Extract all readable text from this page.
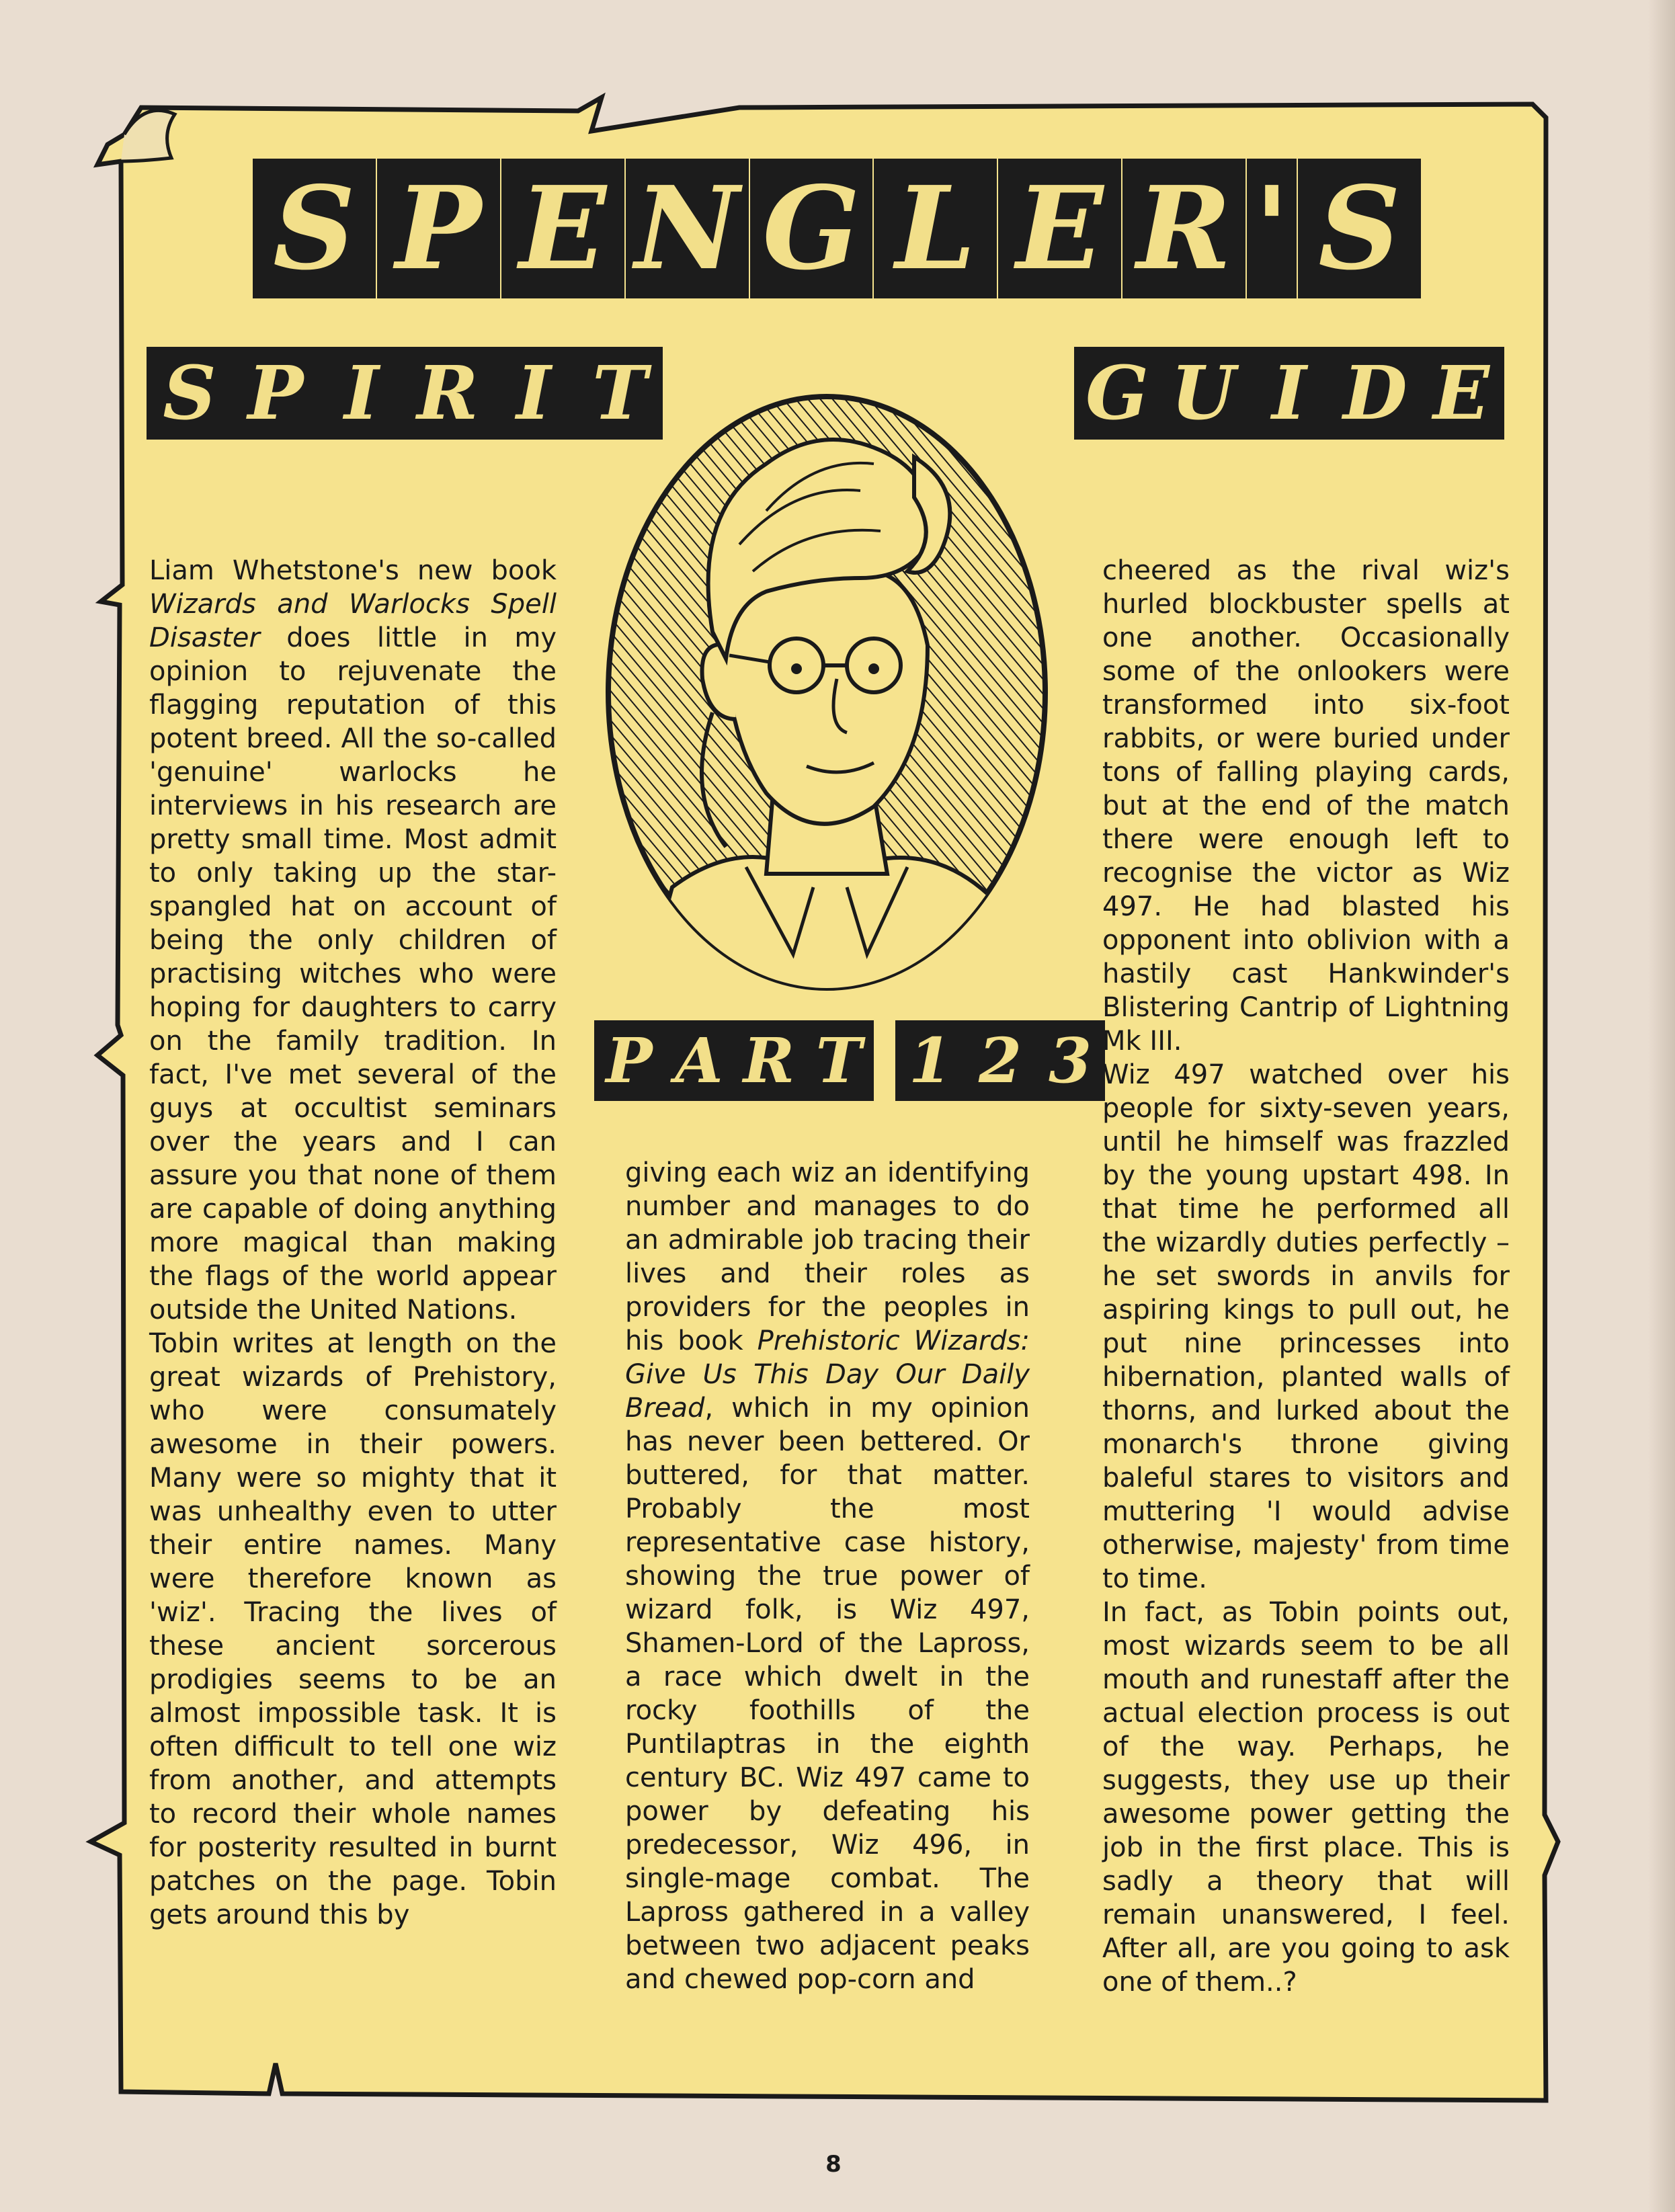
S P E N G L E R ' S
S P I R I T	G U I D E
P A R T 1 2 3

Liam Whetstone's new book Wizards and Warlocks Spell Disaster does little in my opinion to rejuvenate the flagging reputation of this potent breed. All the so-called 'genuine' warlocks he interviews in his research are pretty small time. Most admit to only taking up the star-spangled hat on account of being the only children of practising witches who were hoping for daughters to carry on the family tradition. In fact, I've met several of the guys at occultist seminars over the years and I can assure you that none of them are capable of doing anything more magical than making the flags of the world appear outside the United Nations.

Tobin writes at length on the great wizards of Prehistory, who were consumately awesome in their powers. Many were so mighty that it was unhealthy even to utter their entire names. Many were therefore known as 'wiz'. Tracing the lives of these ancient sorcerous prodigies seems to be an almost impossible task. It is often difficult to tell one wiz from another, and attempts to record their whole names for posterity resulted in burnt patches on the page. Tobin gets around this by

giving each wiz an identifying number and manages to do an admirable job tracing their lives and their roles as providers for the peoples in his book Prehistoric Wizards: Give Us This Day Our Daily Bread, which in my opinion has never been bettered. Or buttered, for that matter. Probably the most representative case history, showing the true power of wizard folk, is Wiz 497, Shamen-Lord of the Lapross, a race which dwelt in the rocky foothills of the Puntilaptras in the eighth century BC. Wiz 497 came to power by defeating his predecessor, Wiz 496, in single-mage combat. The Lapross gathered in a valley between two adjacent peaks and chewed pop-corn and

cheered as the rival wiz's hurled blockbuster spells at one another. Occasionally some of the onlookers were transformed into six-foot rabbits, or were buried under tons of falling playing cards, but at the end of the match there were enough left to recognise the victor as Wiz 497. He had blasted his opponent into oblivion with a hastily cast Hankwinder's Blistering Cantrip of Lightning Mk III.

Wiz 497 watched over his people for sixty-seven years, until he himself was frazzled by the young upstart 498. In that time he performed all the wizardly duties perfectly – he set swords in anvils for aspiring kings to pull out, he put nine princesses into hibernation, planted walls of thorns, and lurked about the monarch's throne giving baleful stares to visitors and muttering 'I would advise otherwise, majesty' from time to time.

In fact, as Tobin points out, most wizards seem to be all mouth and runestaff after the actual election process is out of the way. Perhaps, he suggests, they use up their awesome power getting the job in the first place. This is sadly a theory that will remain unanswered, I feel. After all, are you going to ask one of them..?

8
